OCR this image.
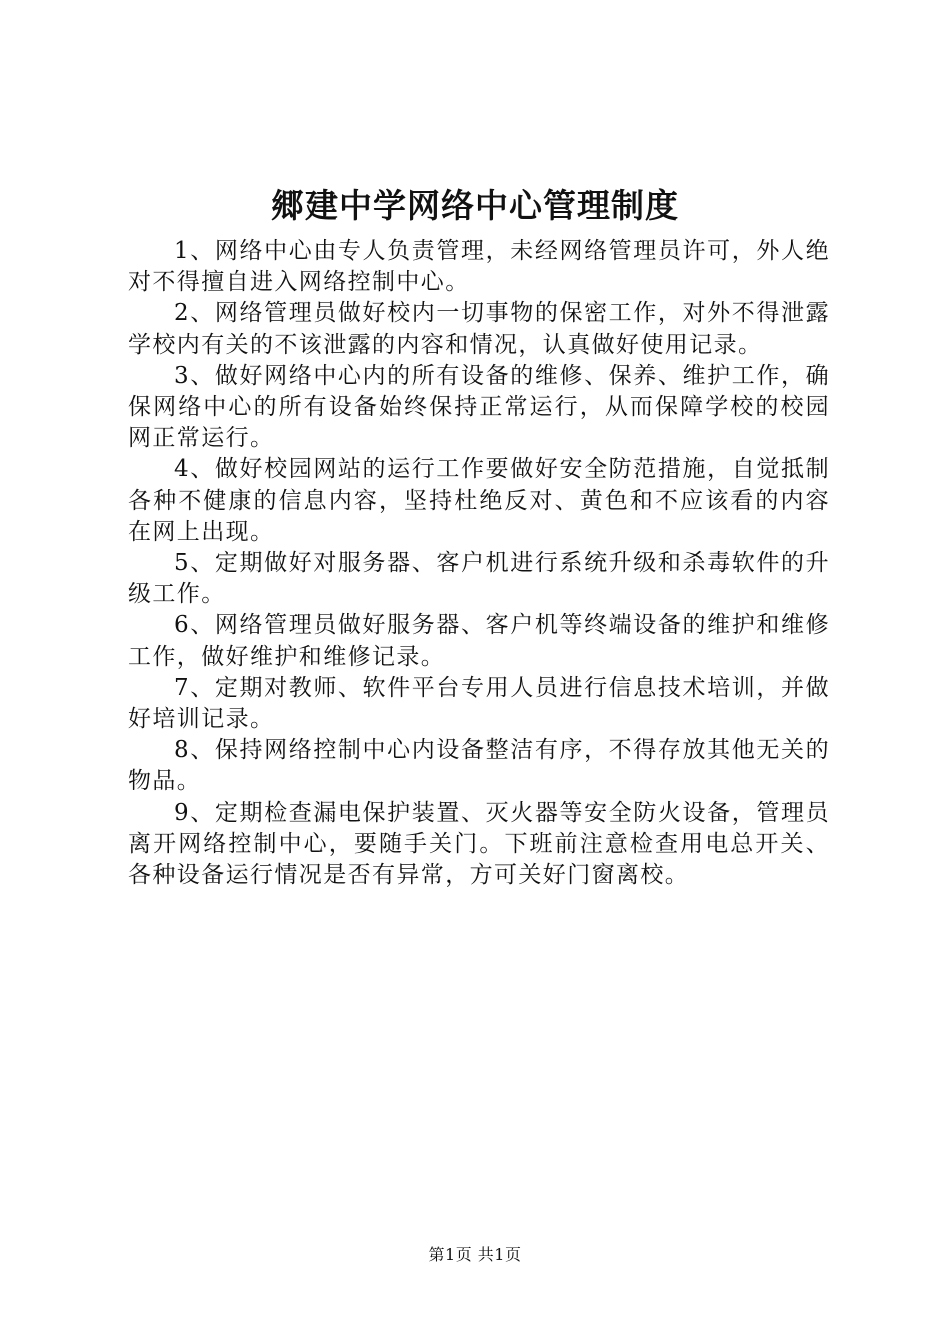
郷建中学网络中心管理制度

1、网络中心由专人负责管理，未经网络管理员许可，外人绝对不得擅自进入网络控制中心。

2、网络管理员做好校内一切事物的保密工作，对外不得泄露学校内有关的不该泄露的内容和情况，认真做好使用记录。

3、做好网络中心内的所有设备的维修、保养、维护工作，确保网络中心的所有设备始终保持正常运行，从而保障学校的校园网正常运行。

4、做好校园网站的运行工作要做好安全防范措施，自觉抵制各种不健康的信息内容，坚持杜绝反对、黄色和不应该看的内容在网上出现。

5、定期做好对服务器、客户机进行系统升级和杀毒软件的升级工作。

6、网络管理员做好服务器、客户机等终端设备的维护和维修工作，做好维护和维修记录。

7、定期对教师、软件平台专用人员进行信息技术培训，并做好培训记录。

8、保持网络控制中心内设备整洁有序，不得存放其他无关的物品。

9、定期检查漏电保护装置、灭火器等安全防火设备，管理员离开网络控制中心，要随手关门。下班前注意检查用电总开关、各种设备运行情况是否有异常，方可关好门窗离校。

第1页 共1页
